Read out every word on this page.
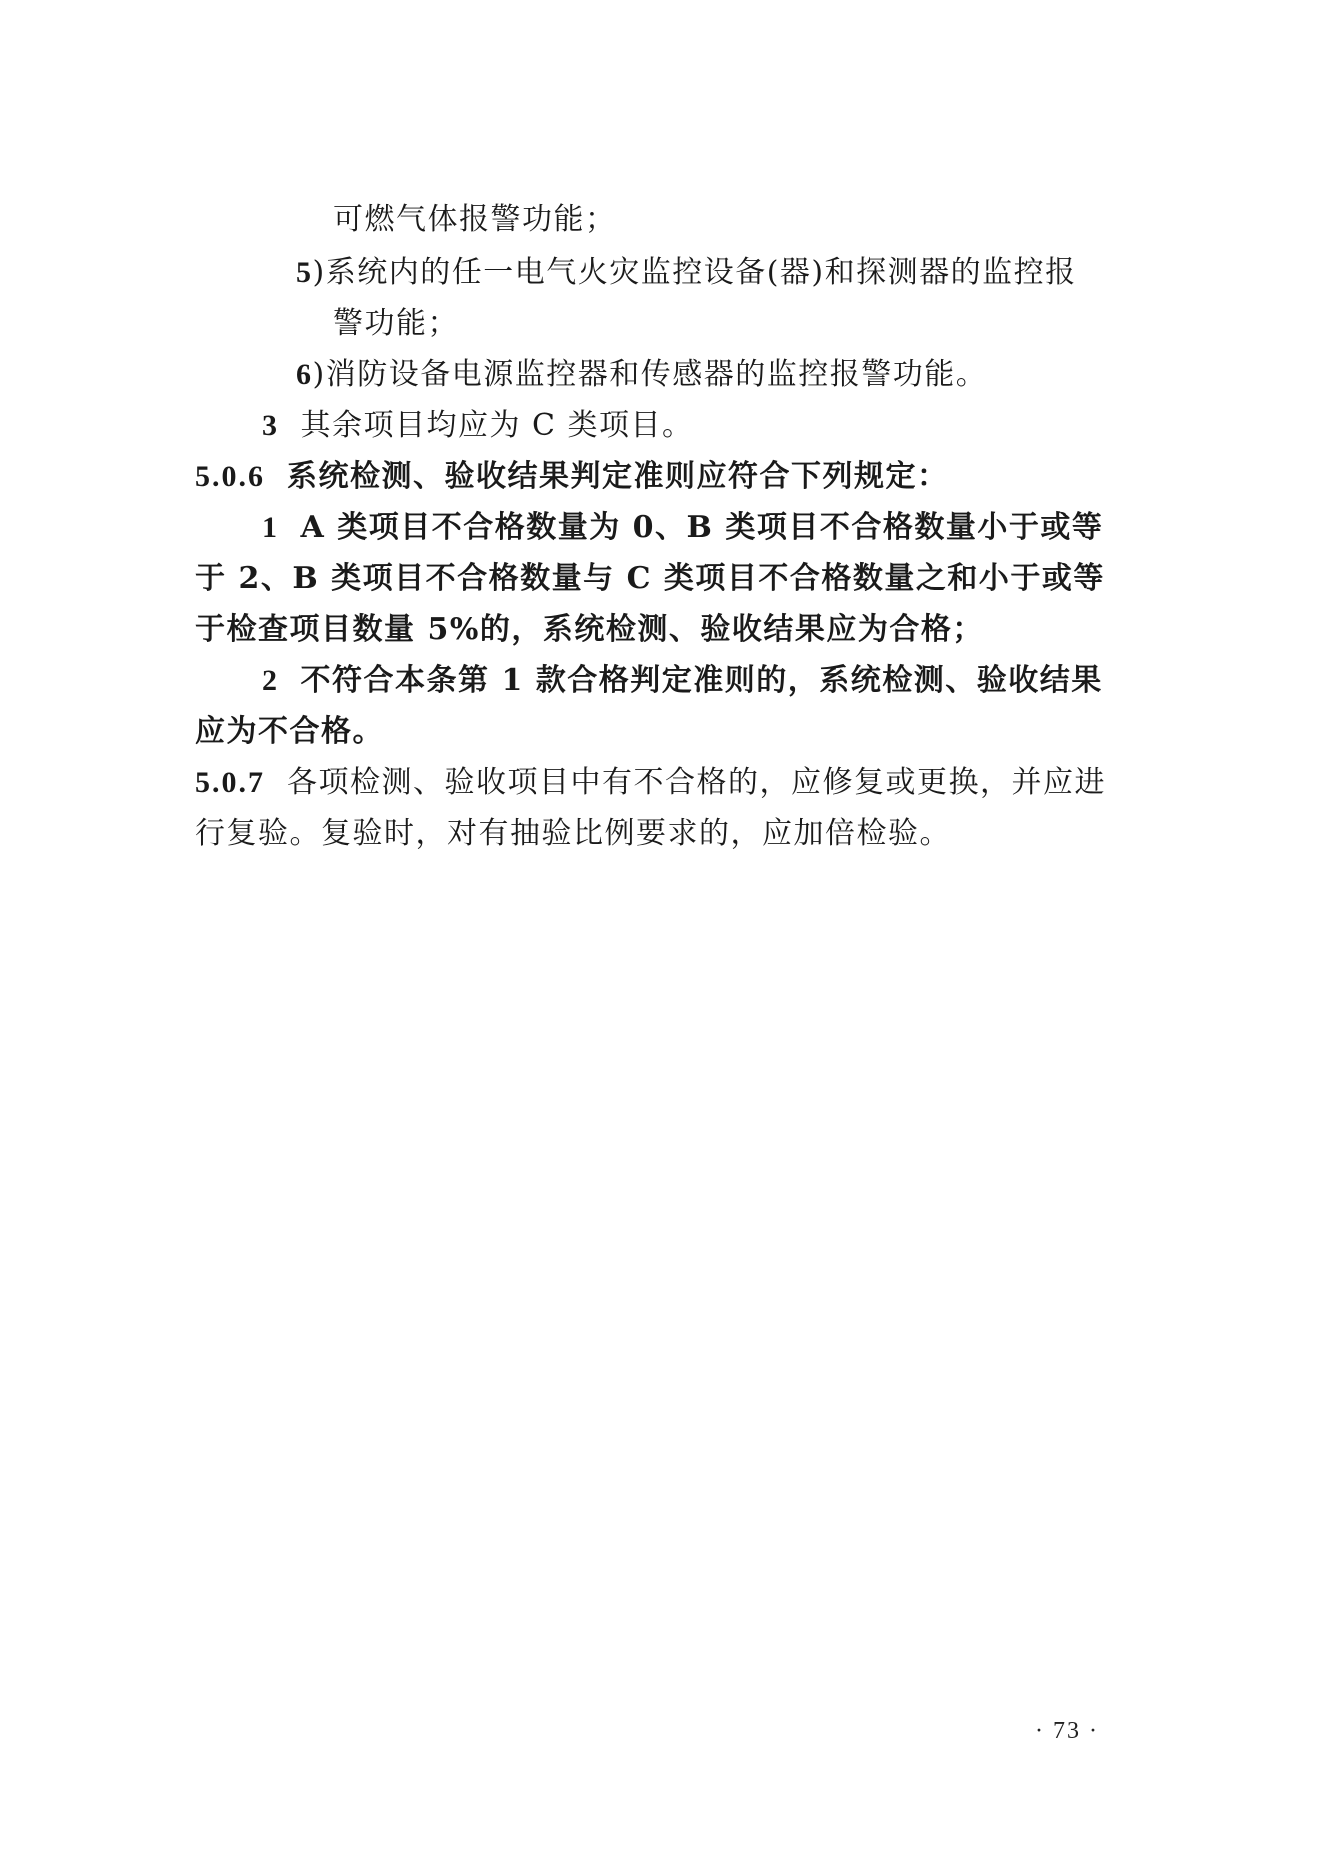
可燃气体报警功能；
5)系统内的任一电气火灾监控设备(器)和探测器的监控报
警功能；
6)消防设备电源监控器和传感器的监控报警功能。
3 其余项目均应为 C 类项目。
5.0.6 系统检测、验收结果判定准则应符合下列规定：
1 A 类项目不合格数量为 0、B 类项目不合格数量小于或等
于 2、B 类项目不合格数量与 C 类项目不合格数量之和小于或等
于检查项目数量 5%的，系统检测、验收结果应为合格；
2 不符合本条第 1 款合格判定准则的，系统检测、验收结果
应为不合格。
5.0.7 各项检测、验收项目中有不合格的，应修复或更换，并应进
行复验。复验时，对有抽验比例要求的，应加倍检验。
· 73 ·
